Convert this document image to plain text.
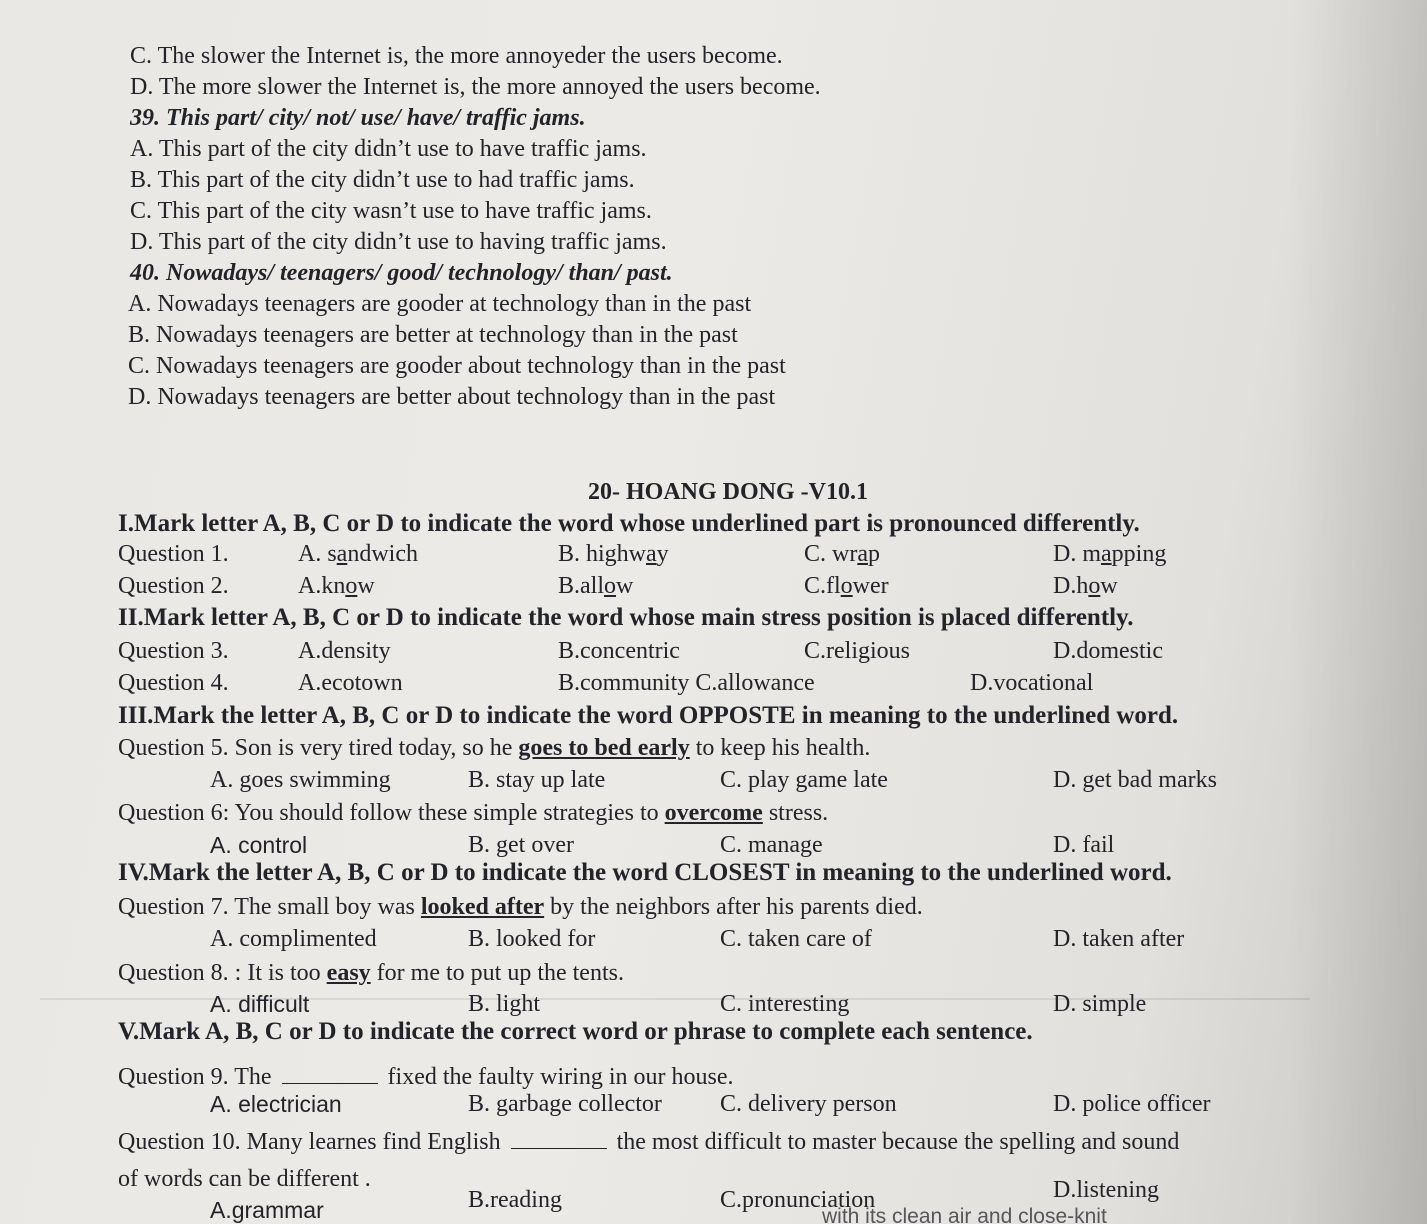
C. The slower the Internet is, the more annoyeder the users become.
D. The more slower the Internet is, the more annoyed the users become.
39. This part/ city/ not/ use/ have/ traffic jams.
A. This part of the city didn’t use to have traffic jams.
B. This part of the city didn’t use to had traffic jams.
C. This part of the city wasn’t use to have traffic jams.
D. This part of the city didn’t use to having traffic jams.
40. Nowadays/ teenagers/ good/ technology/ than/ past.
A. Nowadays teenagers are gooder at technology than in the past
B. Nowadays teenagers are better at technology than in the past
C. Nowadays teenagers are gooder about technology than in the past
D. Nowadays teenagers are better about technology than in the past
20- HOANG DONG -V10.1
I.Mark letter A, B, C or D to indicate the word whose underlined part is pronounced differently.
Question 1.	A. sandwich	B. highway	C. wrap	D. mapping
Question 2.	A.know	B.allow	C.flower	D.how
II.Mark letter A, B, C or D to indicate the word whose main stress position is placed differently.
Question 3.	A.density	B.concentric	C.religious	D.domestic
Question 4.	A.ecotown	B.community C.allowance	D.vocational
III.Mark the letter A, B, C or D to indicate the word OPPOSTE in meaning to the underlined word.
Question 5. Son is very tired today, so he goes to bed early to keep his health.
A. goes swimming	B. stay up late	C. play game late	D. get bad marks
Question 6: You should follow these simple strategies to overcome stress.
A. control	B. get over	C. manage	D. fail
IV.Mark the letter A, B, C or D to indicate the word CLOSEST in meaning to the underlined word.
Question 7. The small boy was looked after by the neighbors after his parents died.
A. complimented	B. looked for	C. taken care of	D. taken after
Question 8. : It is too easy for me to put up the tents.
A. difficult	B. light	C. interesting	D. simple
V.Mark A, B, C or D to indicate the correct word or phrase to complete each sentence.
Question 9. The	fixed the faulty wiring in our house.
A. electrician	B. garbage collector C. delivery person	D. police officer
Question 10. Many learnes find English	the most difficult to master because the spelling and sound
of words can be different .
A.grammar	B.reading	C.pronunciation	D.listening
with its clean air and close-knit
